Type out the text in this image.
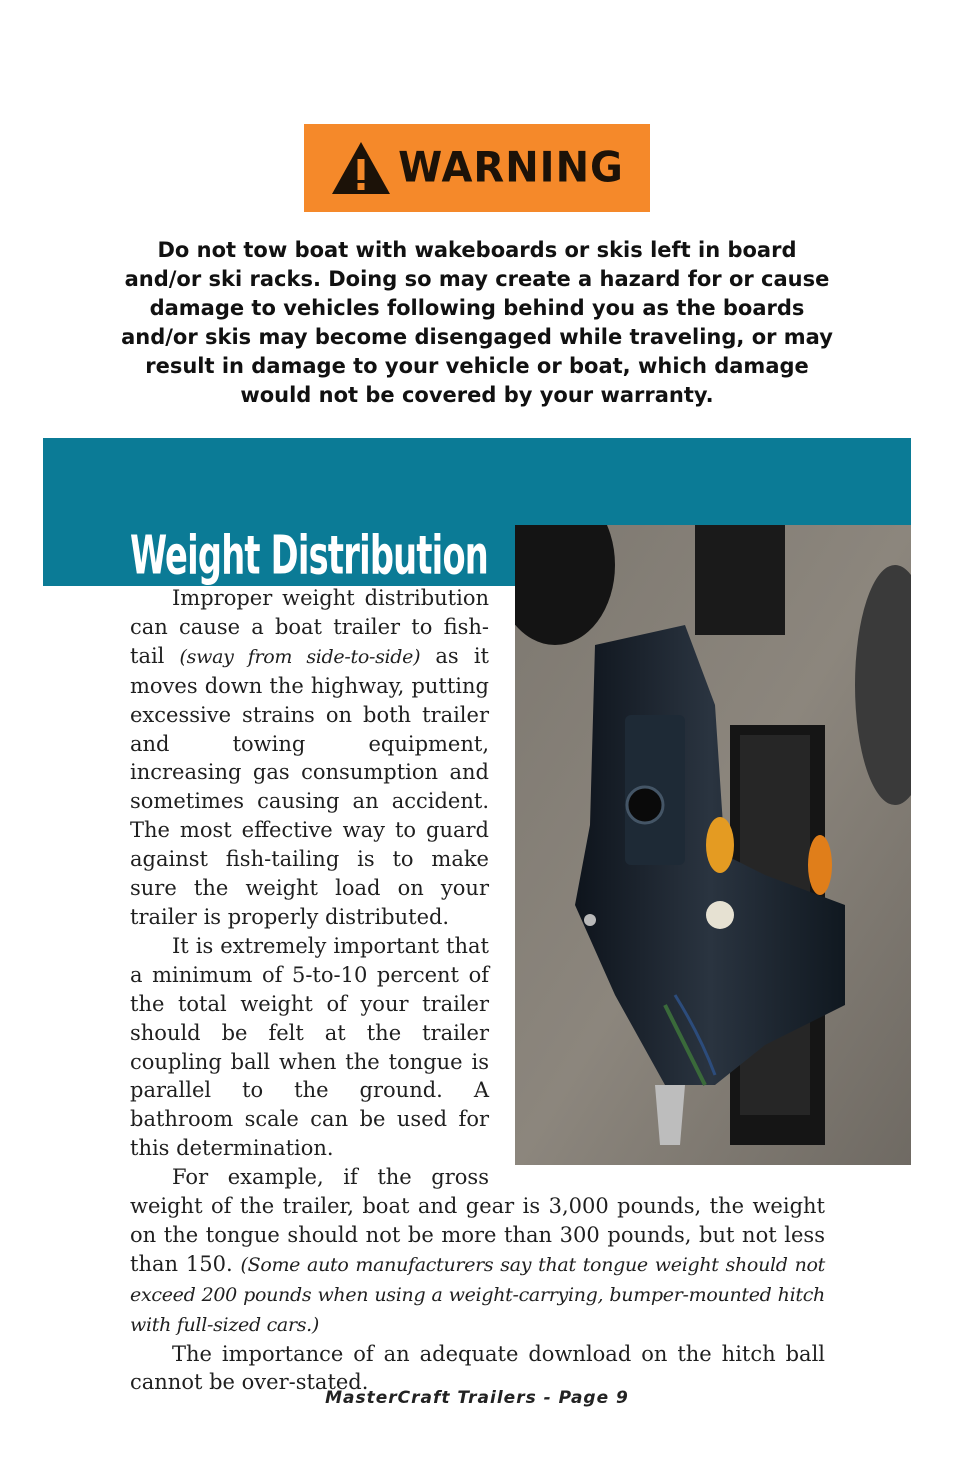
WARNING
Do not tow boat with wakeboards or skis left in board and/or ski racks. Doing so may create a hazard for or cause damage to vehicles following behind you as the boards and/or skis may become disengaged while traveling, or may result in damage to your vehicle or boat, which damage would not be covered by your warranty.
Weight Distribution

Improper weight distribution can cause a boat trailer to fish-tail (sway from side-to-side) as it moves down the highway, putting excessive strains on both trailer and towing equipment, increasing gas consumption and sometimes causing an accident. The most effective way to guard against fish-tailing is to make sure the weight load on your trailer is properly distributed.

It is extremely important that a minimum of 5-to-10 percent of the total weight of your trailer should be felt at the trailer coupling ball when the tongue is parallel to the ground. A bathroom scale can be used for this determination.

For example, if the gross weight of the trailer, boat and gear is 3,000 pounds, the weight on the tongue should not be more than 300 pounds, but not less than 150. (Some auto manufacturers say that tongue weight should not exceed 200 pounds when using a weight-carrying, bumper-mounted hitch with full-sized cars.)

The importance of an adequate download on the hitch ball cannot be over-stated.

MasterCraft Trailers - Page 9
